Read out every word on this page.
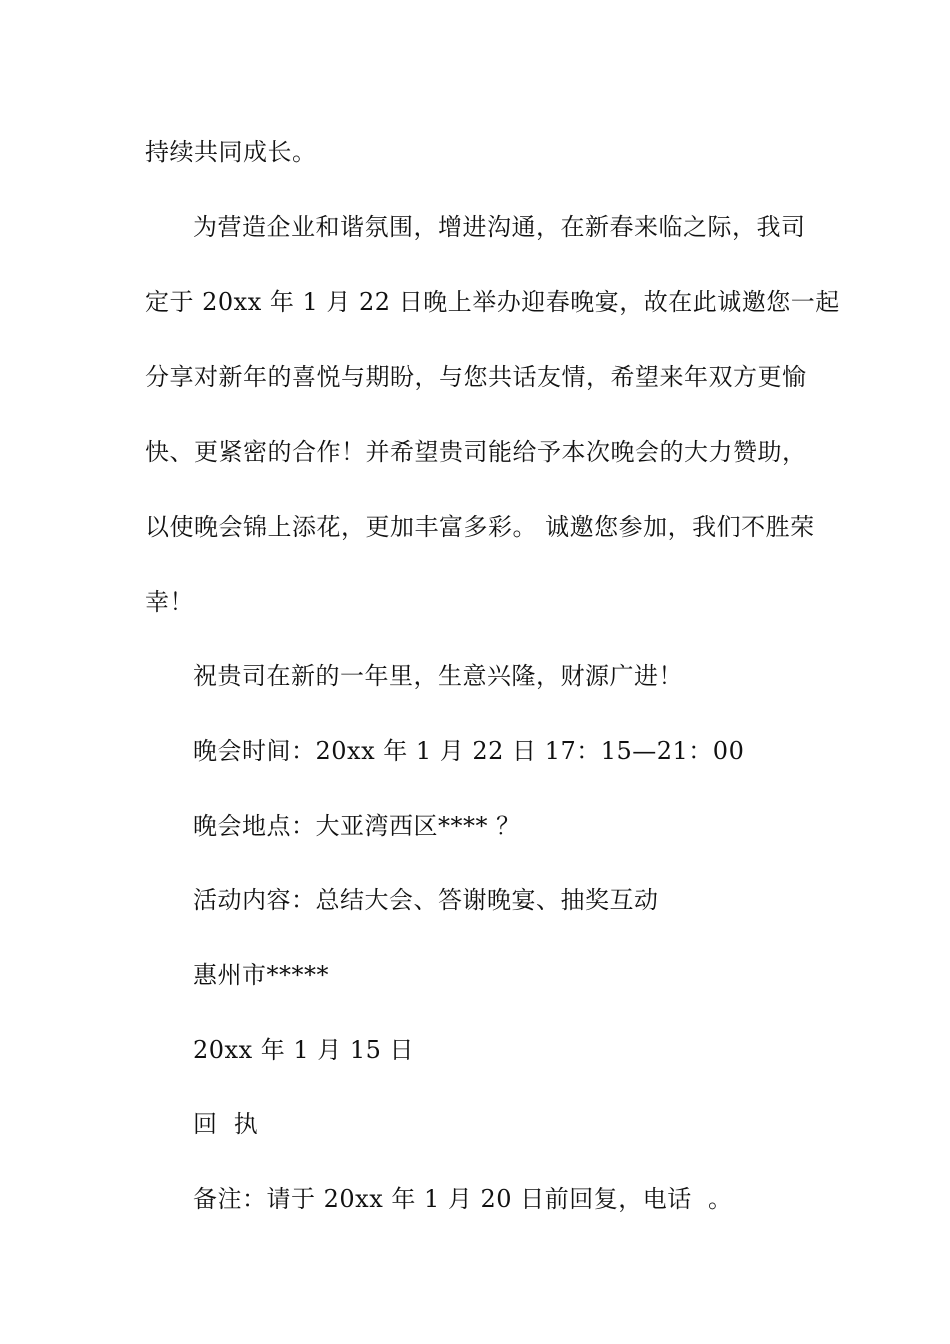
持续共同成长。
为营造企业和谐氛围，增进沟通，在新春来临之际，我司
定于 20xx 年 1 月 22 日晚上举办迎春晚宴，故在此诚邀您一起
分享对新年的喜悦与期盼，与您共话友情，希望来年双方更愉
快、更紧密的合作！并希望贵司能给予本次晚会的大力赞助，
以使晚会锦上添花，更加丰富多彩。 诚邀您参加，我们不胜荣
幸！
祝贵司在新的一年里，生意兴隆，财源广进！
晚会时间：20xx 年 1 月 22 日 17：15—21：00
晚会地点：大亚湾西区**** ？
活动内容：总结大会、答谢晚宴、抽奖互动
惠州市*****
20xx 年 1 月 15 日
回  执
备注：请于 20xx 年 1 月 20 日前回复，电话  。
